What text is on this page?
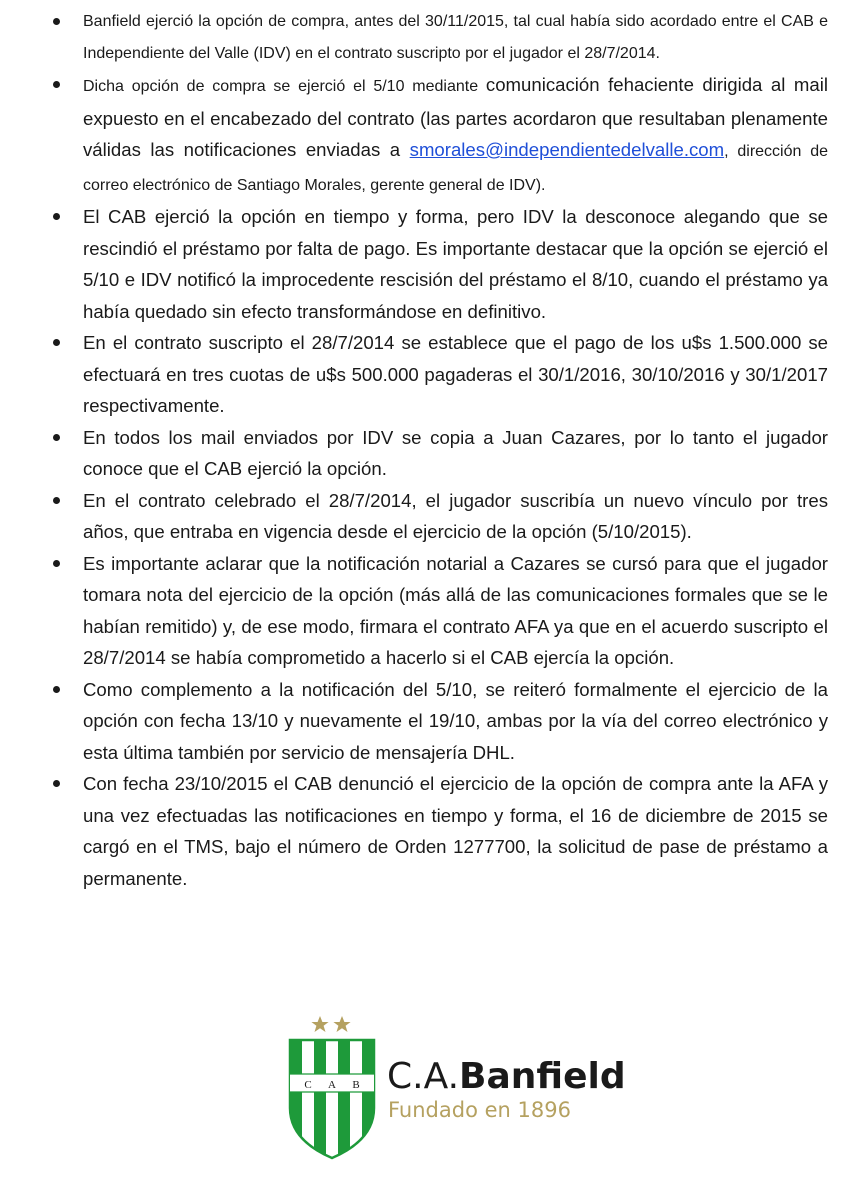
Banfield ejerció la opción de compra, antes del 30/11/2015, tal cual había sido acordado entre el CAB e Independiente del Valle (IDV) en el contrato suscripto por el jugador el 28/7/2014.
Dicha opción de compra se ejerció el 5/10 mediante comunicación fehaciente dirigida al mail expuesto en el encabezado del contrato (las partes acordaron que resultaban plenamente válidas las notificaciones enviadas a smorales@independientedelvalle.com, dirección de correo electrónico de Santiago Morales, gerente general de IDV).
El CAB ejerció la opción en tiempo y forma, pero IDV la desconoce alegando que se rescindió el préstamo por falta de pago. Es importante destacar que la opción se ejerció el 5/10 e IDV notificó la improcedente rescisión del préstamo el 8/10, cuando el préstamo ya había quedado sin efecto transformándose en definitivo.
En el contrato suscripto el 28/7/2014 se establece que el pago de los u$s 1.500.000 se efectuará en tres cuotas de u$s 500.000 pagaderas el 30/1/2016, 30/10/2016 y 30/1/2017 respectivamente.
En todos los mail enviados por IDV se copia a Juan Cazares, por lo tanto el jugador conoce que el CAB ejerció la opción.
En el contrato celebrado el 28/7/2014, el jugador suscribía un nuevo vínculo por tres años, que entraba en vigencia desde el ejercicio de la opción (5/10/2015).
Es importante aclarar que la notificación notarial a Cazares se cursó para que el jugador tomara nota del ejercicio de la opción (más allá de las comunicaciones formales que se le habían remitido) y, de ese modo, firmara el contrato AFA ya que en el acuerdo suscripto el 28/7/2014 se había comprometido a hacerlo si el CAB ejercía la opción.
Como complemento a la notificación del 5/10, se reiteró formalmente el ejercicio de la opción con fecha 13/10 y nuevamente el 19/10, ambas por la vía del correo electrónico y esta última también por servicio de mensajería DHL.
Con fecha 23/10/2015 el CAB denunció el ejercicio de la opción de compra ante la AFA y una vez efectuadas las notificaciones en tiempo y forma, el 16 de diciembre de 2015 se cargó en el TMS, bajo el número de Orden 1277700, la solicitud de pase de préstamo a permanente.
C A B C.A.Banfield
Fundado en 1896
